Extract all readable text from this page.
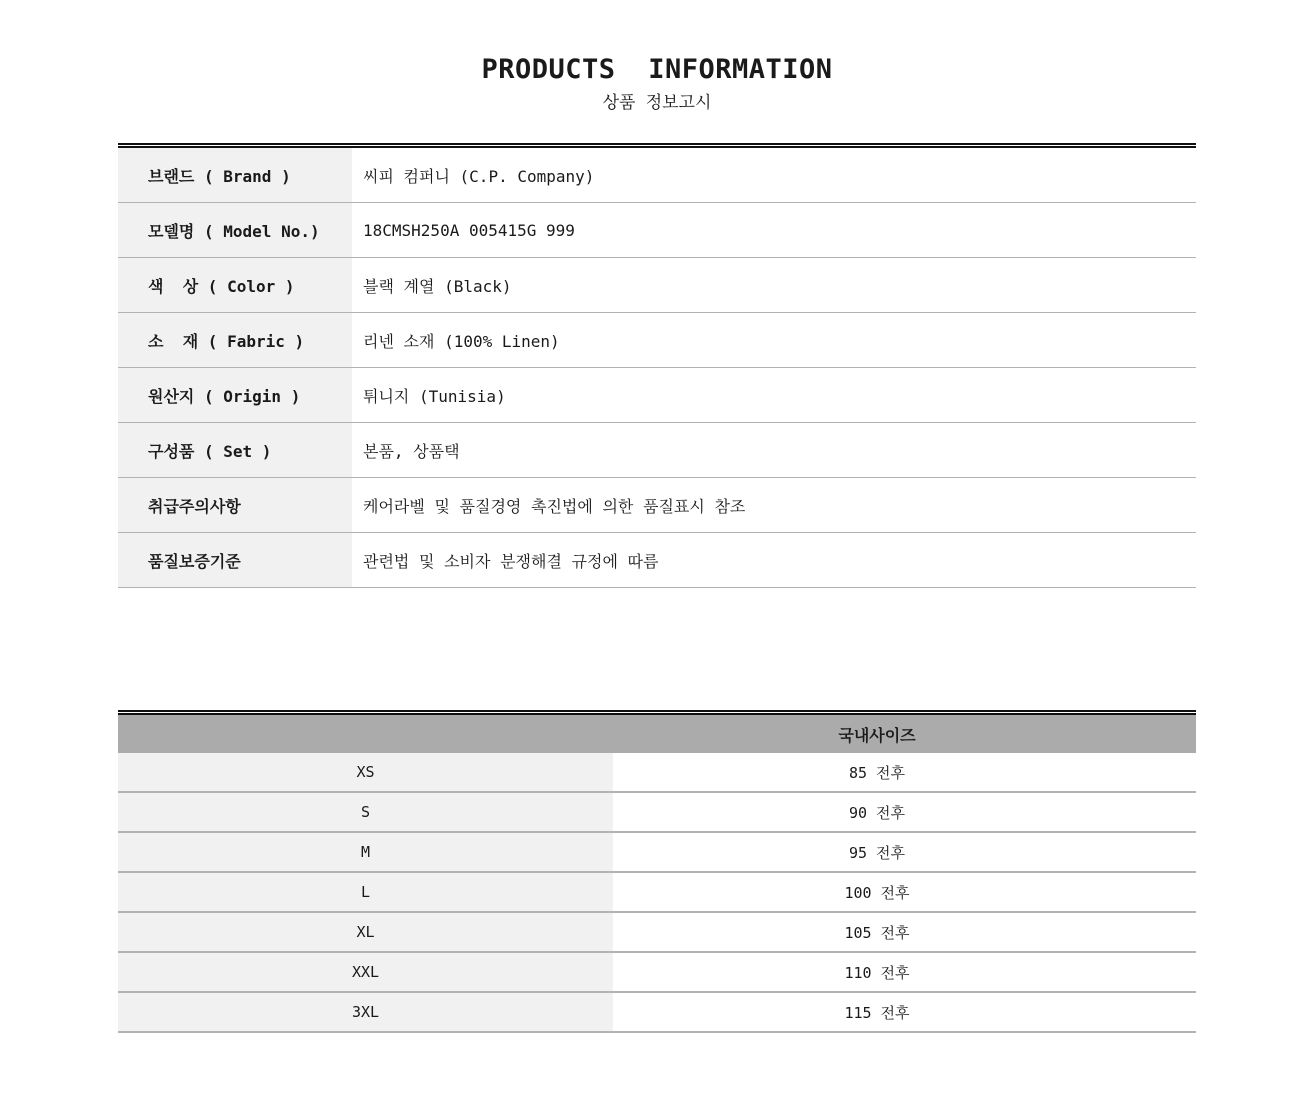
PRODUCTS INFORMATION
상품 정보고시
브랜드 ( Brand )	씨피 컴퍼니 (C.P. Company)
모델명 ( Model No.)	18CMSH250A 005415G 999
색  상 ( Color )	블랙 계열 (Black)
소  재 ( Fabric )	리넨 소재 (100% Linen)
원산지 ( Origin )	튀니지 (Tunisia)
구성품 ( Set )	본품, 상품택
취급주의사항	케어라벨 및 품질경영 촉진법에 의한 품질표시 참조
품질보증기준	관련법 및 소비자 분쟁해결 규정에 따름
국내사이즈
XS	85 전후
S	90 전후
M	95 전후
L	100 전후
XL	105 전후
XXL	110 전후
3XL	115 전후
